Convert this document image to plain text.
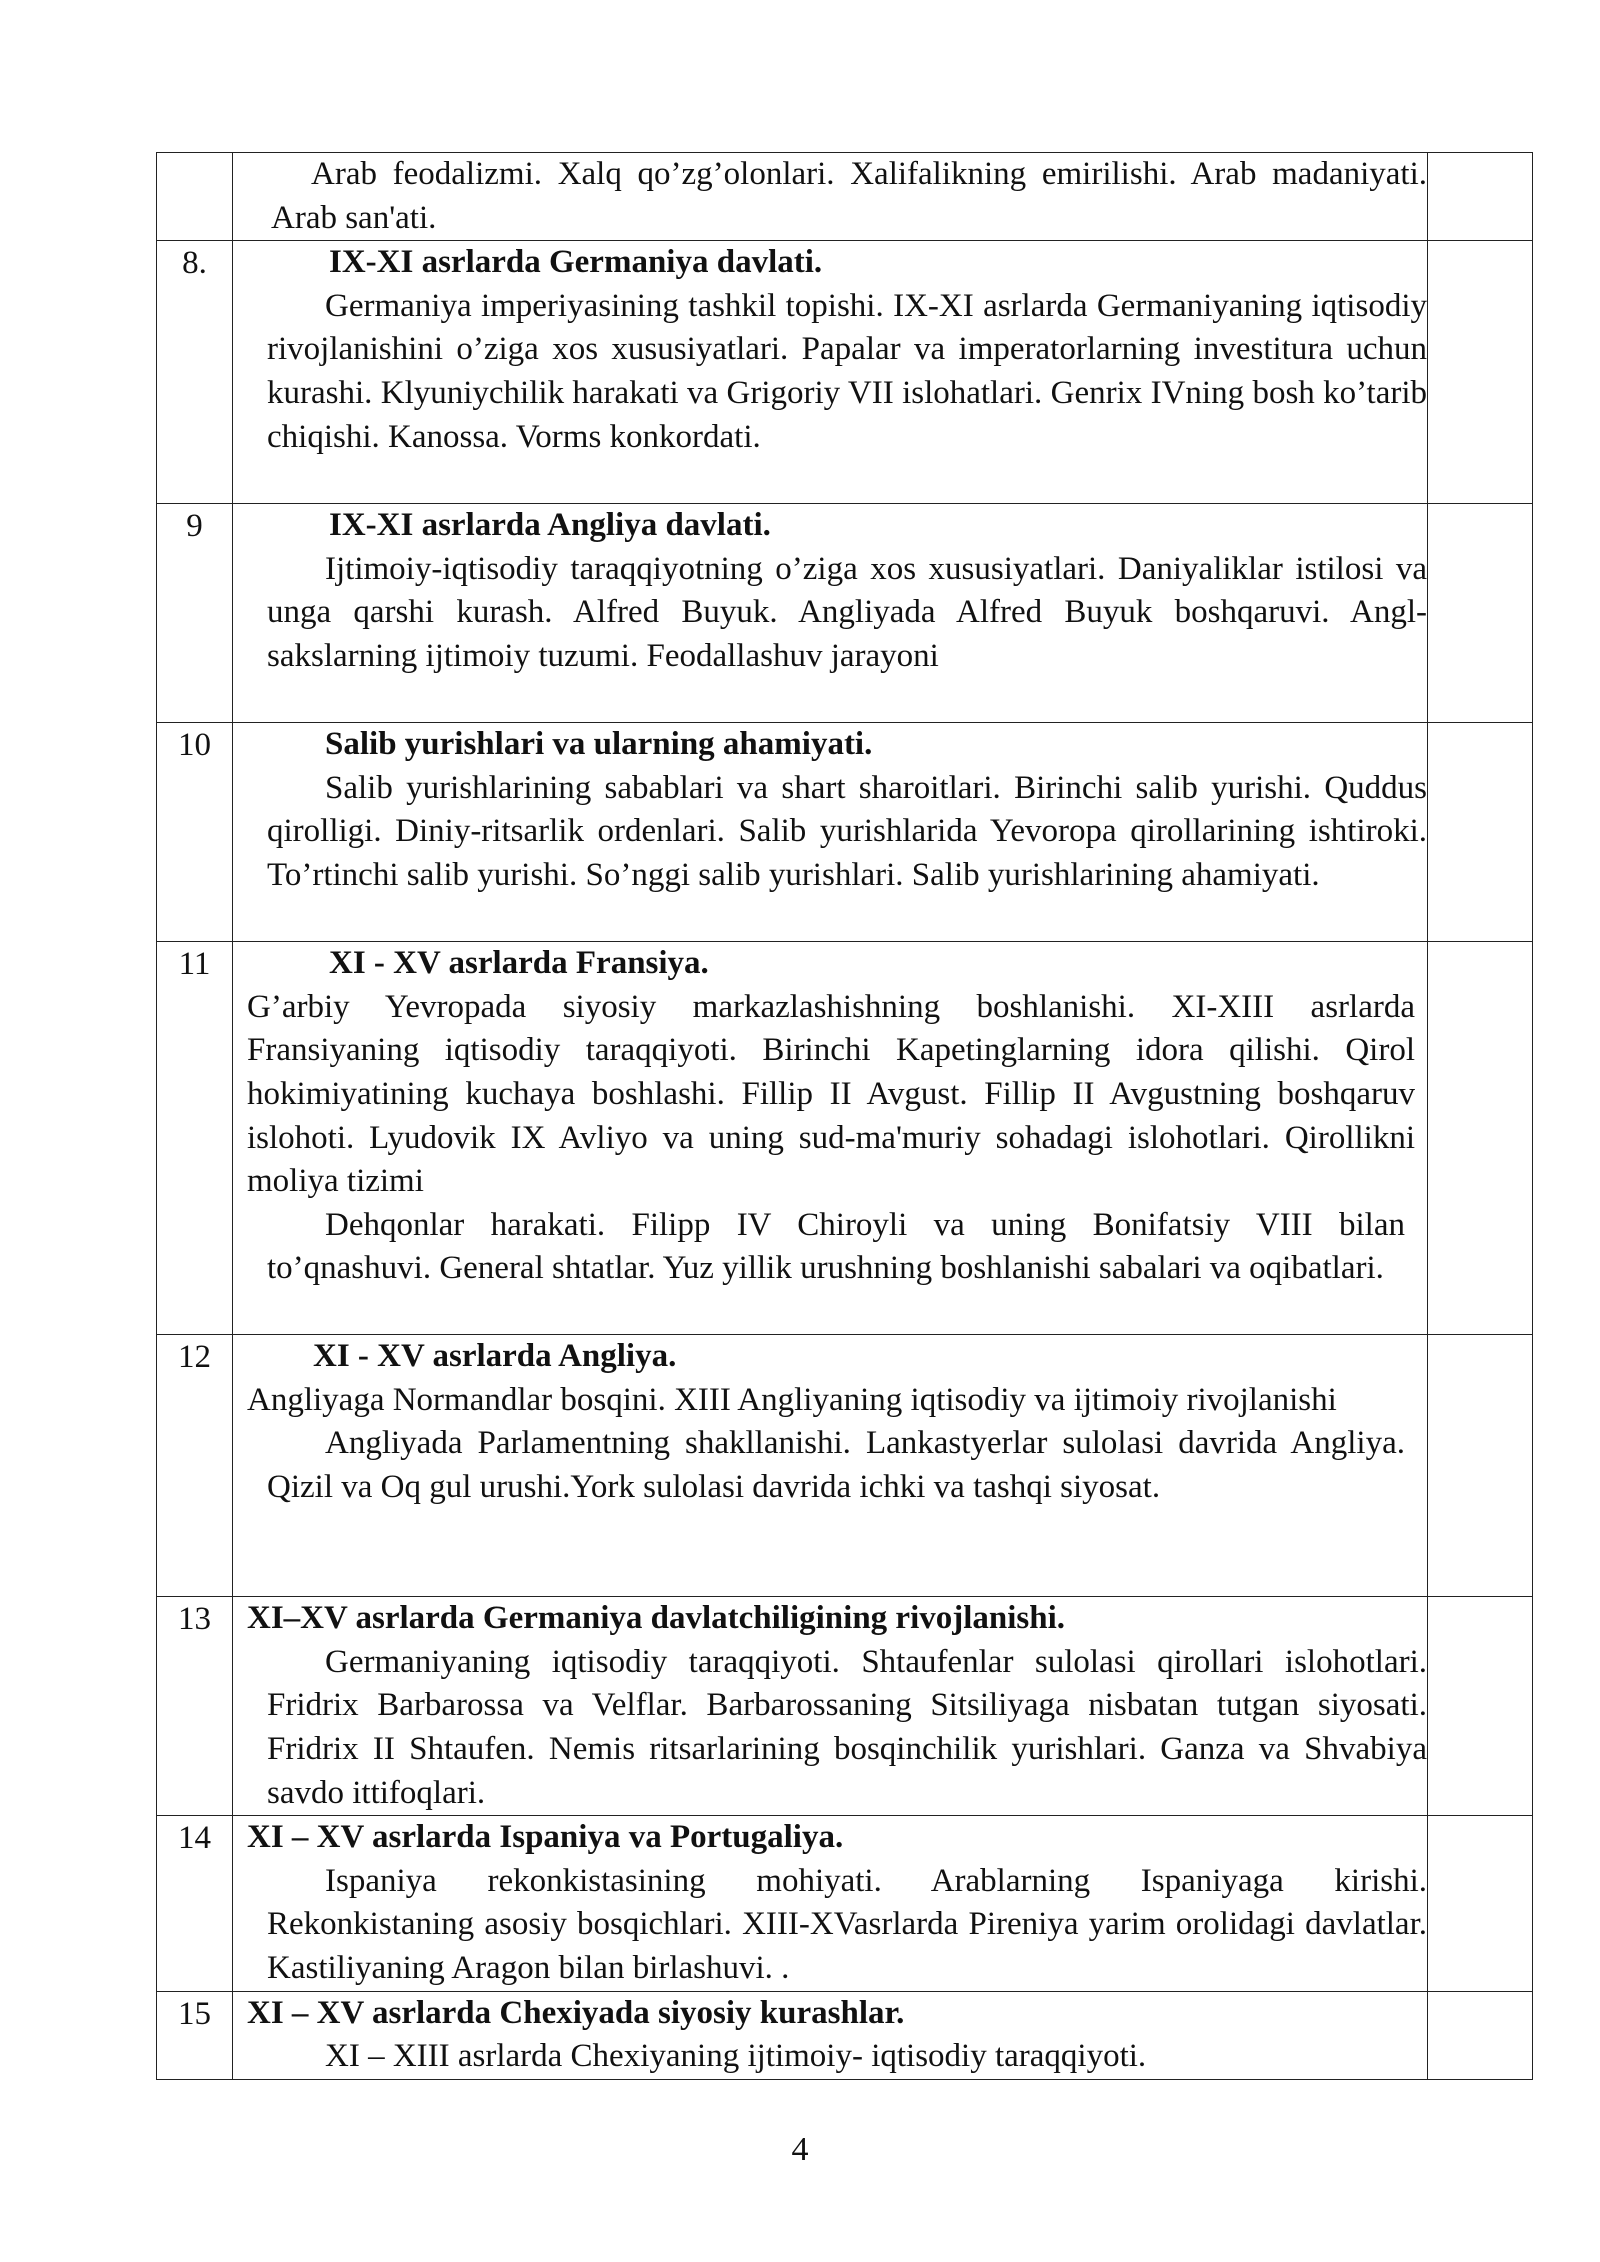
	Arab feodalizmi. Xalq qo’zg’olonlari. Xalifalikning emirilishi. Arab madaniyati. Arab san'ati.	

8.	IX-XI asrlarda Germaniya davlati.
Germaniya imperiyasining tashkil topishi. IX-XI asrlarda Germaniyaning iqtisodiy rivojlanishini o’ziga xos xususiyatlari. Papalar va imperatorlarning investitura uchun kurashi. Klyuniychilik harakati va Grigoriy VII islohatlari. Genrix IVning bosh ko’tarib chiqishi. Kanossa. Vorms konkordati.	

9	IX-XI asrlarda Angliya davlati.
Ijtimoiy-iqtisodiy taraqqiyotning o’ziga xos xususiyatlari. Daniyaliklar istilosi va unga qarshi kurash. Alfred Buyuk. Angliyada Alfred Buyuk boshqaruvi. Angl-sakslarning ijtimoiy tuzumi. Feodallashuv jarayoni	

10	Salib yurishlari va ularning ahamiyati.
Salib yurishlarining sabablari va shart sharoitlari. Birinchi salib yurishi. Quddus qirolligi. Diniy-ritsarlik ordenlari. Salib yurishlarida Yevoropa qirollarining ishtiroki. To’rtinchi salib yurishi. So’nggi salib yurishlari. Salib yurishlarining ahamiyati.	

11	XI - XV asrlarda Fransiya.
G’arbiy Yevropada siyosiy markazlashishning boshlanishi. XI-XIII asrlarda Fransiyaning iqtisodiy taraqqiyoti. Birinchi Kapetinglarning idora qilishi. Qirol hokimiyatining kuchaya boshlashi. Fillip II Avgust. Fillip II Avgustning boshqaruv islohoti. Lyudovik IX Avliyo va uning sud-ma'muriy sohadagi islohotlari. Qirollikni moliya tizimi
Dehqonlar harakati. Filipp IV Chiroyli va uning Bonifatsiy VIII bilan to’qnashuvi. General shtatlar. Yuz yillik urushning boshlanishi sabalari va oqibatlari.	

12	XI - XV asrlarda Angliya.
Angliyaga Normandlar bosqini. XIII Angliyaning iqtisodiy va ijtimoiy rivojlanishi
Angliyada Parlamentning shakllanishi. Lankastyerlar sulolasi davrida Angliya. Qizil va Oq gul urushi.York sulolasi davrida ichki va tashqi siyosat.	

13	XI–XV asrlarda Germaniya davlatchiligining rivojlanishi.
Germaniyaning iqtisodiy taraqqiyoti. Shtaufenlar sulolasi qirollari islohotlari. Fridrix Barbarossa va Velflar. Barbarossaning Sitsiliyaga nisbatan tutgan siyosati. Fridrix II Shtaufen. Nemis ritsarlarining bosqinchilik yurishlari. Ganza va Shvabiya savdo ittifoqlari.	

14	XI – XV asrlarda Ispaniya va Portugaliya.
Ispaniya rekonkistasining mohiyati. Arablarning Ispaniyaga kirishi. Rekonkistaning asosiy bosqichlari. XIII-XVasrlarda Pireniya yarim orolidagi davlatlar. Kastiliyaning Aragon bilan birlashuvi. .	

15	XI – XV asrlarda Chexiyada siyosiy kurashlar.
XI – XIII asrlarda Chexiyaning ijtimoiy- iqtisodiy taraqqiyoti.	

4
